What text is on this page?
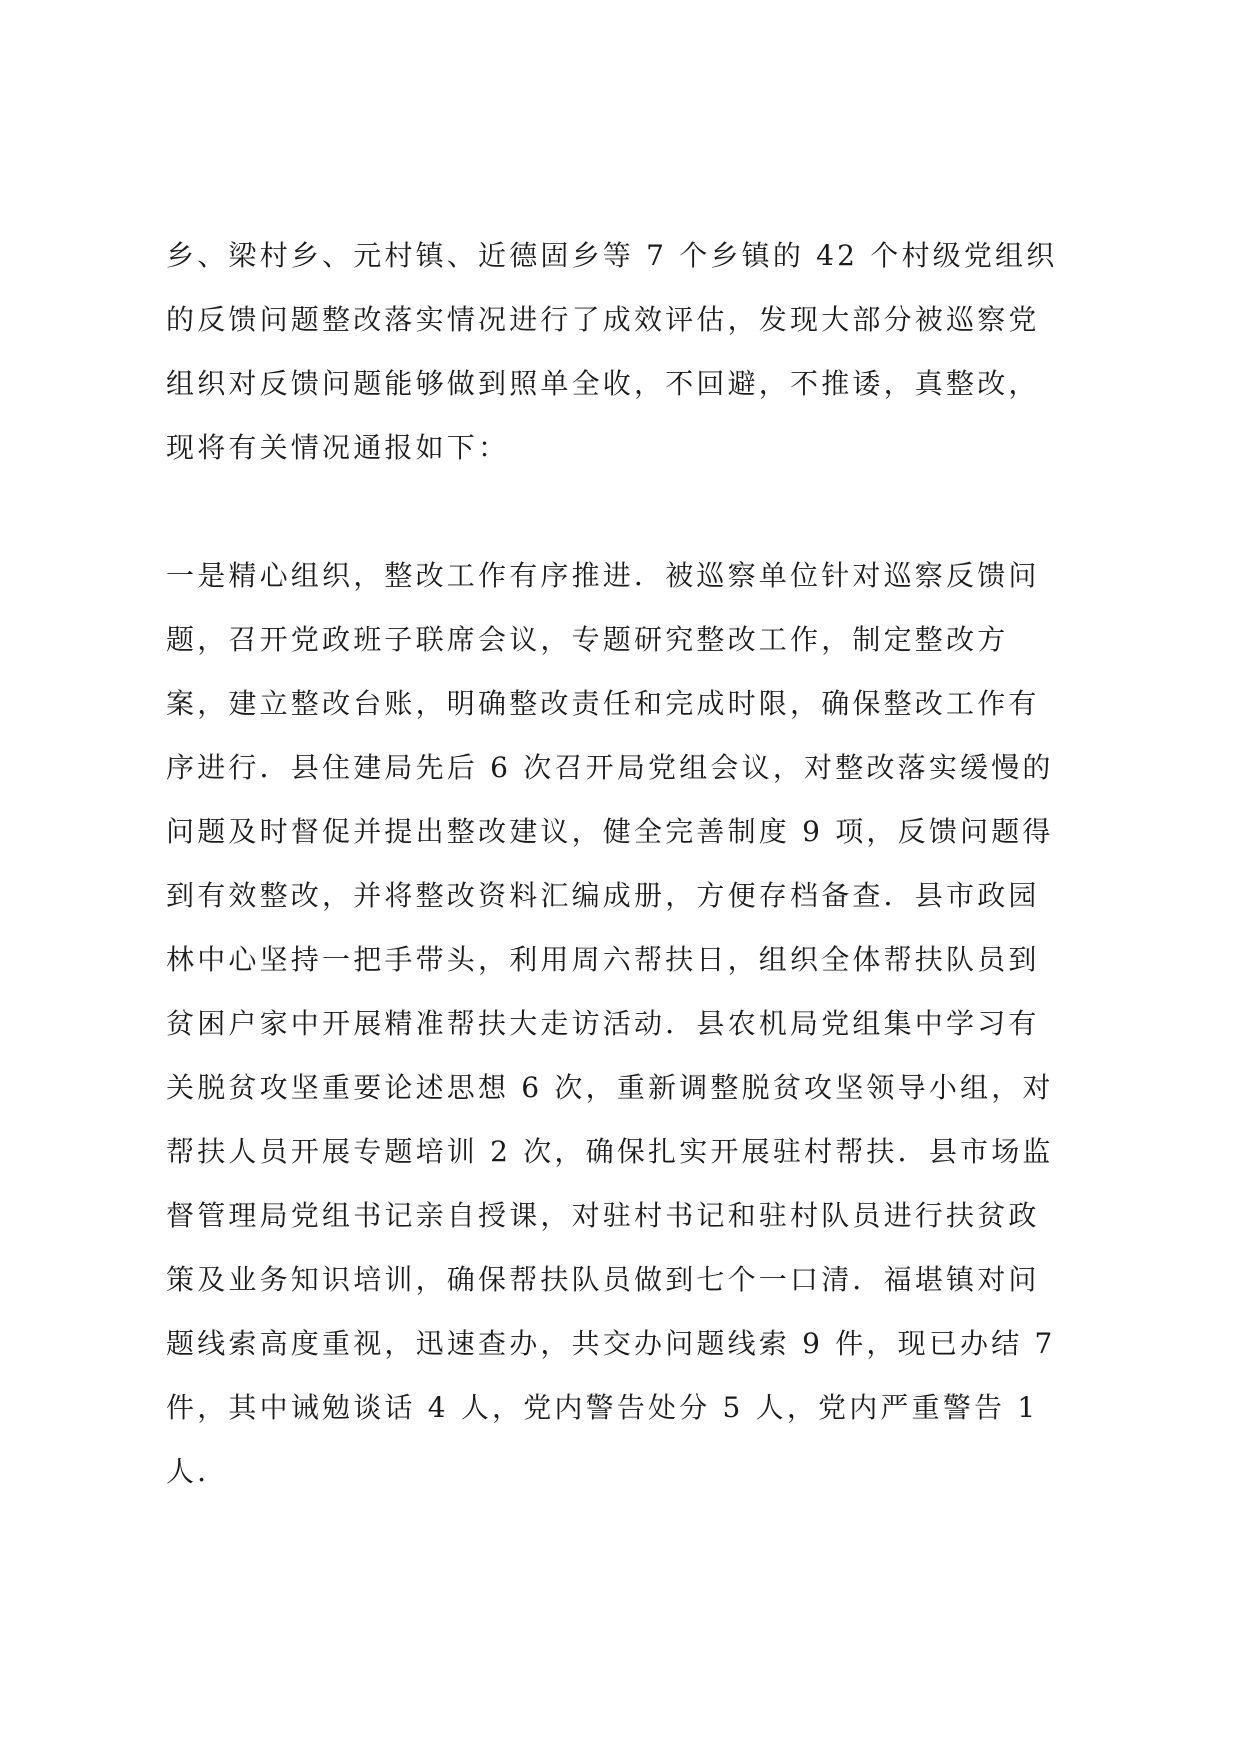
乡、梁村乡、元村镇、近德固乡等 7 个乡镇的 42 个村级党组织
的反馈问题整改落实情况进行了成效评估，发现大部分被巡察党
组织对反馈问题能够做到照单全收，不回避，不推诿，真整改，
现将有关情况通报如下：
一是精心组织，整改工作有序推进．被巡察单位针对巡察反馈问
题，召开党政班子联席会议，专题研究整改工作，制定整改方
案，建立整改台账，明确整改责任和完成时限，确保整改工作有
序进行．县住建局先后 6 次召开局党组会议，对整改落实缓慢的
问题及时督促并提出整改建议，健全完善制度 9 项，反馈问题得
到有效整改，并将整改资料汇编成册，方便存档备查．县市政园
林中心坚持一把手带头，利用周六帮扶日，组织全体帮扶队员到
贫困户家中开展精准帮扶大走访活动．县农机局党组集中学习有
关脱贫攻坚重要论述思想 6 次，重新调整脱贫攻坚领导小组，对
帮扶人员开展专题培训 2 次，确保扎实开展驻村帮扶．县市场监
督管理局党组书记亲自授课，对驻村书记和驻村队员进行扶贫政
策及业务知识培训，确保帮扶队员做到七个一口清．福堪镇对问
题线索高度重视，迅速查办，共交办问题线索 9 件，现已办结 7
件，其中诫勉谈话 4 人，党内警告处分 5 人，党内严重警告 1
人．
